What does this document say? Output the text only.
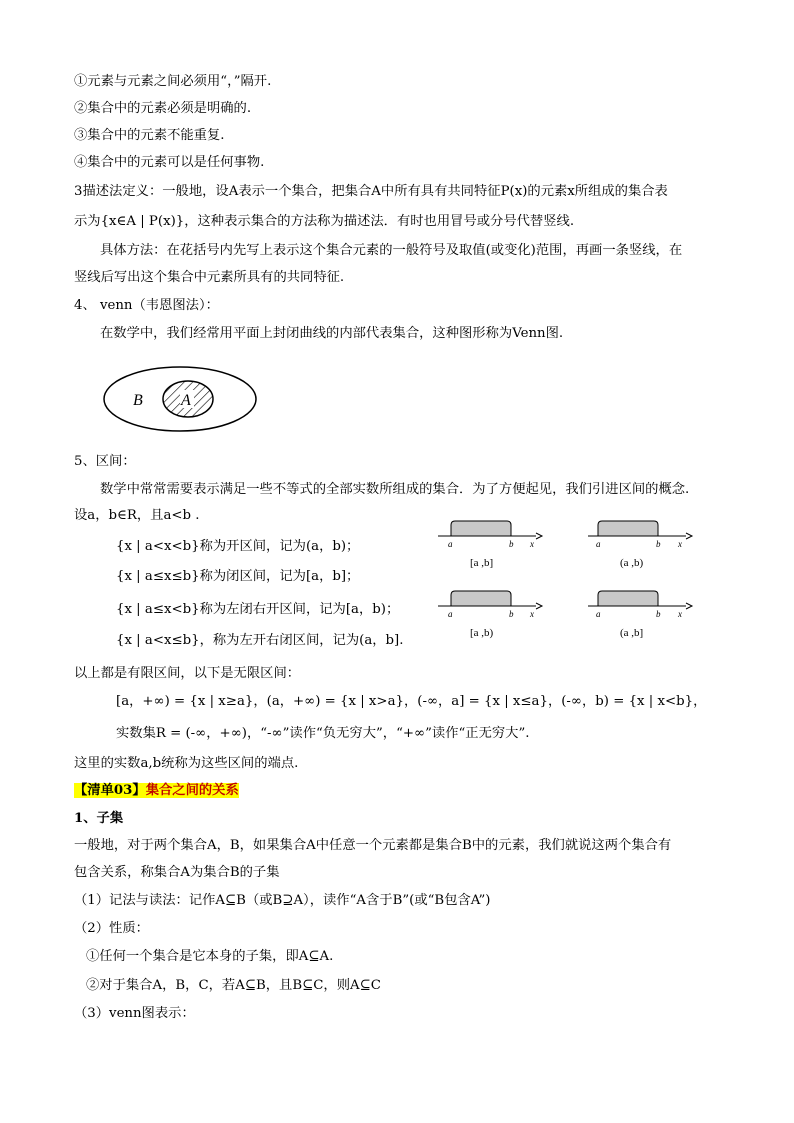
①元素与元素之间必须用“，”隔开.
②集合中的元素必须是明确的.
③集合中的元素不能重复.
④集合中的元素可以是任何事物.
3描述法定义：一般地，设A表示一个集合，把集合A中所有具有共同特征P(x)的元素x所组成的集合表
示为{x∈A | P(x)}，这种表示集合的方法称为描述法．有时也用冒号或分号代替竖线.
具体方法：在花括号内先写上表示这个集合元素的一般符号及取值(或变化)范围，再画一条竖线，在
竖线后写出这个集合中元素所具有的共同特征.
4、 venn（韦恩图法）：
在数学中，我们经常用平面上封闭曲线的内部代表集合，这种图形称为Venn图.
B A
5、区间：
数学中常常需要表示满足一些不等式的全部实数所组成的集合．为了方便起见，我们引进区间的概念.
设a，b∈R，且a<b .
{x | a<x<b}称为开区间，记为(a，b)；
{x | a≤x≤b}称为闭区间，记为[a，b]；
{x | a≤x<b}称为左闭右开区间，记为[a，b)；
{x | a<x≤b}，称为左开右闭区间，记为(a，b].
a	b x
[a ,b]
a	b x
(a ,b)
a	b x
[a ,b)
a	b x
(a ,b]
以上都是有限区间，以下是无限区间：
[a，+∞) = {x | x≥a}，(a，+∞) = {x | x>a}，(-∞，a] = {x | x≤a}，(-∞，b) = {x | x<b}，
实数集R = (-∞，+∞)，“-∞”读作“负无穷大”，“+∞”读作“正无穷大”.
这里的实数a,b统称为这些区间的端点.
【清单03】集合之间的关系
1、子集
一般地，对于两个集合A，B，如果集合A中任意一个元素都是集合B中的元素，我们就说这两个集合有
包含关系，称集合A为集合B的子集
（1）记法与读法：记作A⊆B（或B⊇A），读作“A含于B”(或“B包含A”)
（2）性质：
①任何一个集合是它本身的子集，即A⊆A.
②对于集合A，B，C，若A⊆B，且B⊆C，则A⊆C
（3）venn图表示：
